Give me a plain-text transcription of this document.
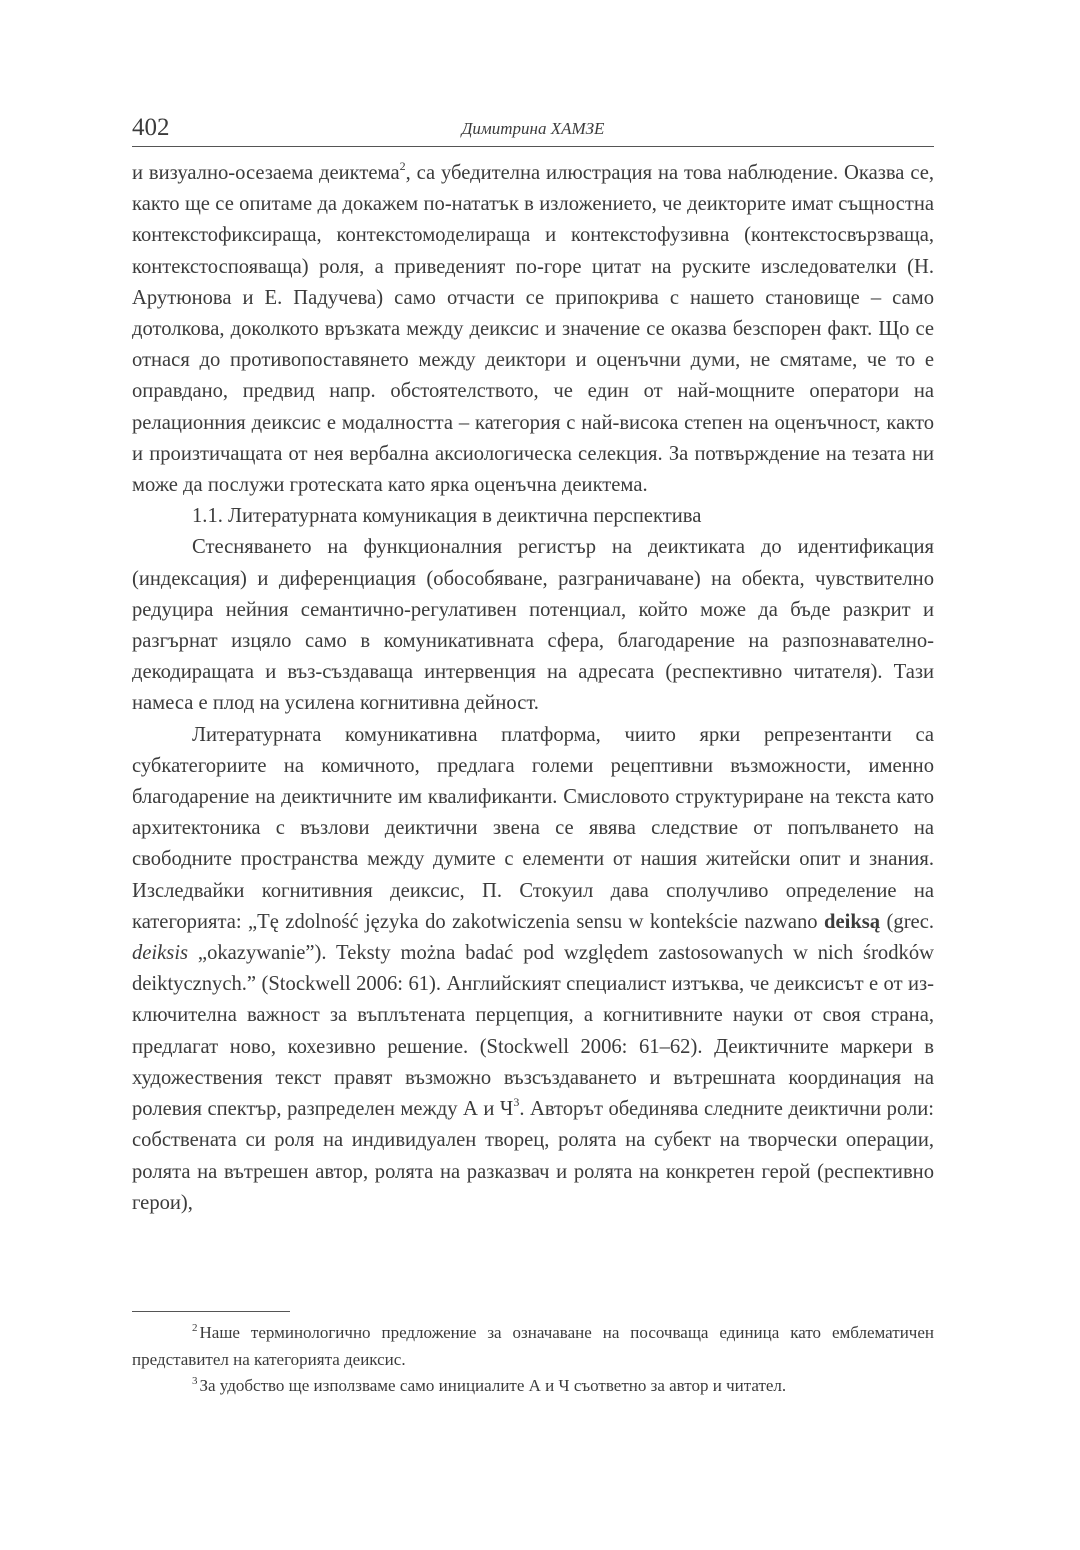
402	Димитрина ХАМЗЕ

и визуално-осезаема деиктема$^2$, са убедителна илюстрация на това наблюдение. Оказва се, както ще се опитаме да докажем по-нататък в изложението, че деикторите имат същностна контекстофиксираща, контекстомоделираща и контекстофузивна (контекстосвързваща, контекстоспояваща) роля, а приведеният по-горе цитат на руските изследователки (Н. Арутюнова и Е. Падучева) само отчасти се припокрива с нашето становище – само дотолкова, доколкото връзката между деиксис и значение се оказва безспорен факт. Що се отнася до противопоставянето между деиктори и оценъчни думи, не смятаме, че то е оправдано, предвид напр. обстоятелството, че един от най-мощните оператори на релационния деиксис е модалността – категория с най-висока степен на оценъчност, както и произтичащата от нея вербална аксиологическа селекция. За потвърждение на тезата ни може да послужи гротеската като ярка оценъчна деиктема.

1.1. Литературната комуникация в деиктична перспектива

Стесняването на функционалния регистър на деиктиката до идентификация (индексация) и диференциация (обособяване, разграничаване) на обекта, чувствително редуцира нейния семантично-регулативен потенциал, който може да бъде разкрит и разгърнат изцяло само в комуникативната сфера, благодарение на разпознавателно-декодиращата и въз-създаваща интервенция на адресата (респективно читателя). Тази намеса е плод на усилена когнитивна дейност.

Литературната комуникативна платформа, чиито ярки репрезентанти са субкатегориите на комичното, предлага големи рецептивни възможности, именно благодарение на деиктичните им квалификанти. Смисловото структуриране на текста като архитектоника с възлови деиктични звена се явява следствие от попълването на свободните пространства между думите с елементи от нашия житейски опит и знания. Изследвайки когнитивния деиксис, П. Стокуил дава сполучливо определение на категорията: „Tę zdolność języka do zakotwiczenia sensu w kontekście nazwano deiksą (grec. deiksis „okazywanie”). Teksty można badać pod względem zastosowanych w nich środków deiktycznych.” (Stockwell 2006: 61). Английският специалист изтъква, че деиксисът е от изключителна важност за въплътената перцепция, а когнитивните науки от своя страна, предлагат ново, кохезивно решение. (Stockwell 2006: 61–62). Деиктичните маркери в художествения текст правят възможно възсъздаването и вътрешната координация на ролевия спектър, разпределен между А и $Ч^3$. Авторът обединява следните деиктични роли: собствената си роля на индивидуален творец, ролята на субект на творчески операции, ролята на вътрешен автор, ролята на разказвач и ролята на конкретен герой (респективно герои),

$^2$ Наше терминологично предложение за означаване на посочваща единица като емблематичен представител на категорията деиксис.

$^3$ За удобство ще използваме само инициалите А и Ч съответно за автор и читател.
